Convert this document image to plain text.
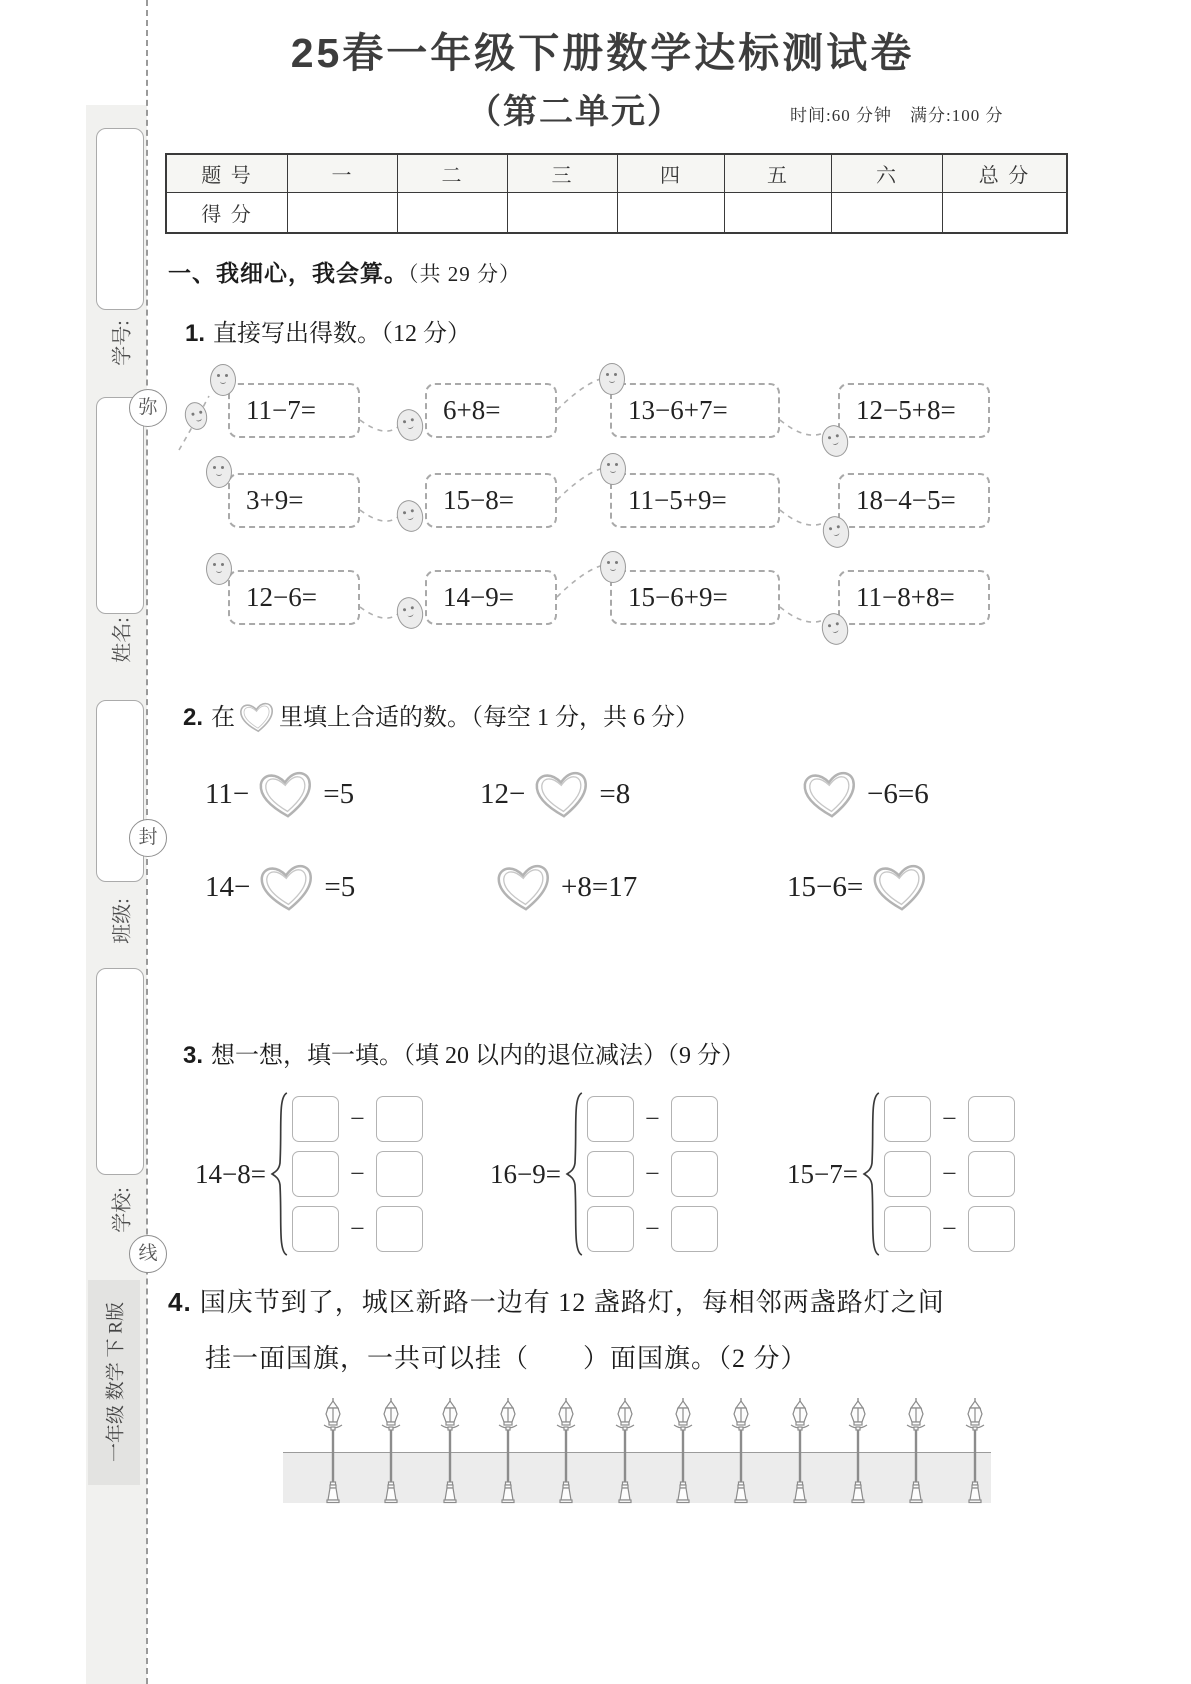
学号:
姓名:
班级:
学校:
弥
封
线
一年级 数学 下 R版
25春一年级下册数学达标测试卷
（第二单元）	时间:60 分钟　满分:100 分
题 号	一	二	三	四	五	六	总 分
得 分							
一、我细心，我会算。（共 29 分）
1. 直接写出得数。（12 分）
11−7=	6+8=	13−6+7=	12−5+8=
3+9=	15−8=	11−5+9=	18−4−5=
12−6=	14−9=	15−6+9=	11−8+8=
2. 在 里填上合适的数。（每空 1 分，共 6 分）
11−	=5	12−	=8	−6=6
14−	=5	+8=17	15−6=
3. 想一想，填一填。（填 20 以内的退位减法）（9 分）
14−8=
−
−
−
16−9=
−
−
−
15−7=
−
−
−
4. 国庆节到了，城区新路一边有 12 盏路灯，每相邻两盏路灯之间
挂一面国旗，一共可以挂（　　）面国旗。（2 分）
